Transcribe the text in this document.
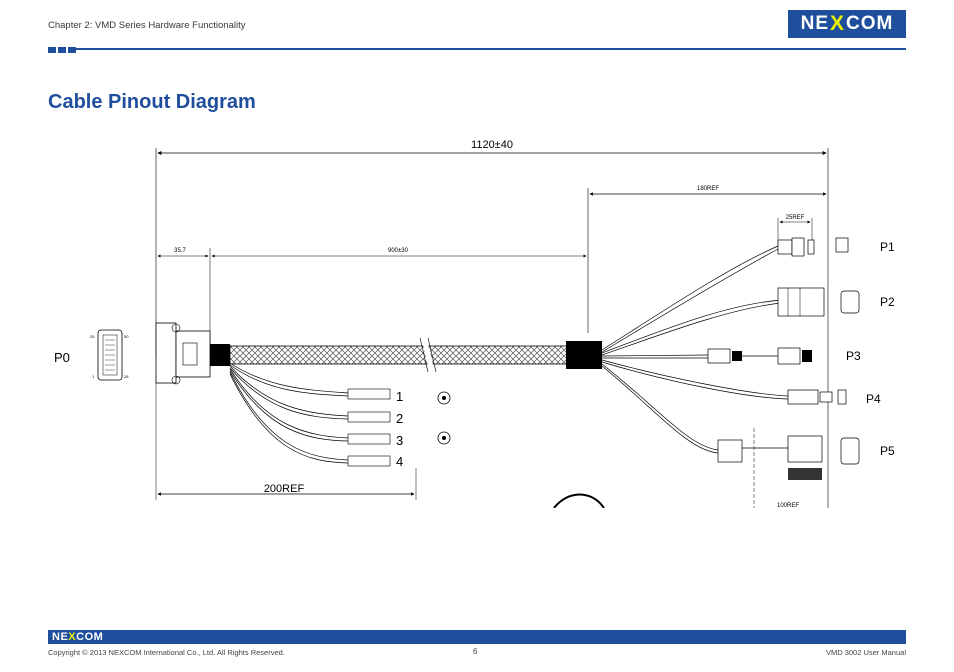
Chapter 2: VMD Series Hardware Functionality	NE X COM
Cable Pinout Diagram
1120±40
180REF
25REF
35.7	900±30
P0
25	50
1	26
P1
P2
P3
P4
P5
1
2
3
4
200REF
100REF
NEXCOM
Copyright © 2013 NEXCOM International Co., Ltd. All Rights Reserved.	6	VMD 3002 User Manual
